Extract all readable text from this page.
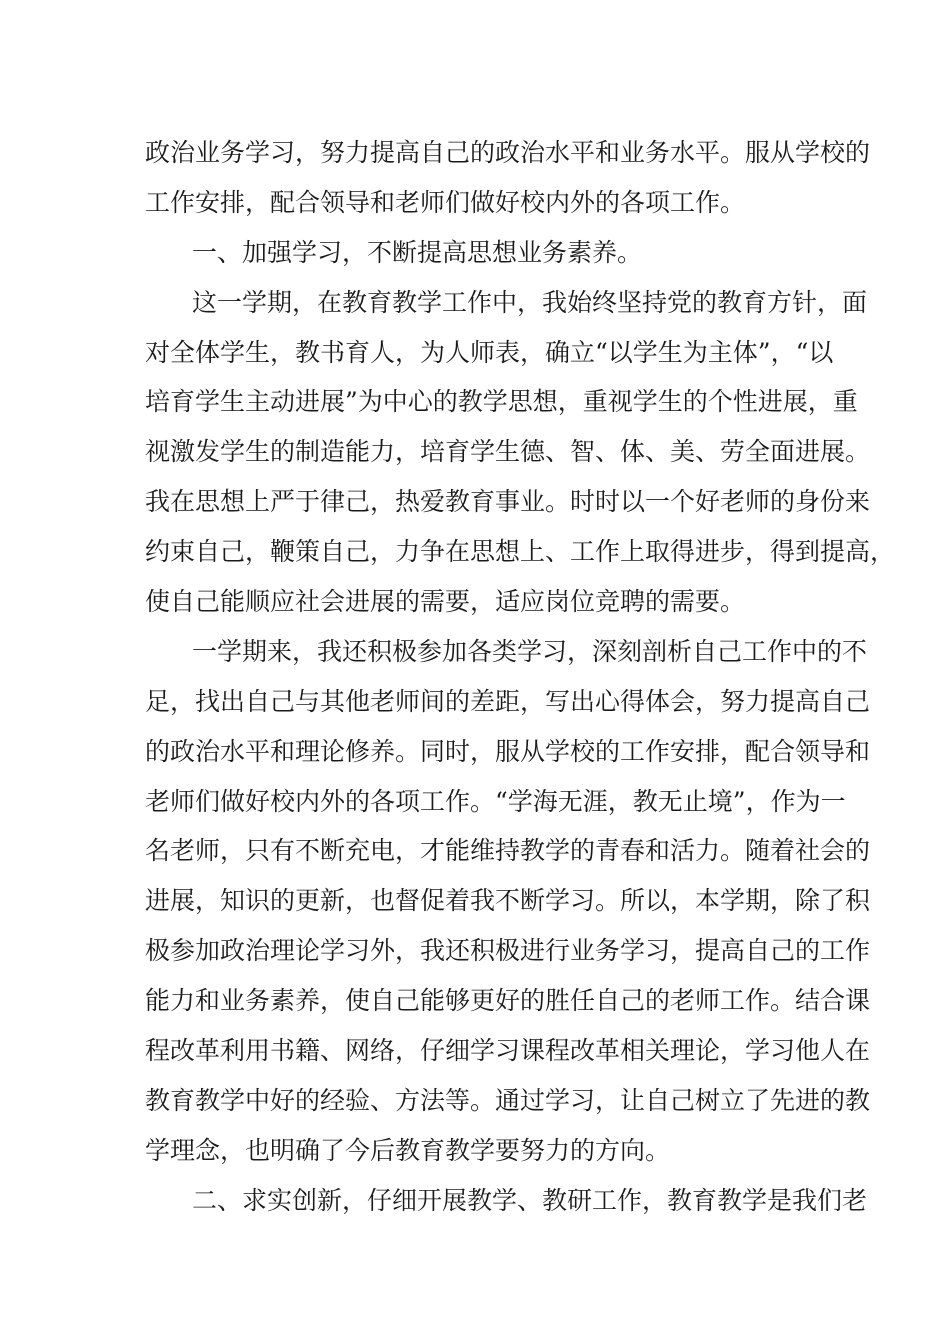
政治业务学习，努力提高自己的政治水平和业务水平。服从学校的
工作安排，配合领导和老师们做好校内外的各项工作。
一、加强学习，不断提高思想业务素养。
这一学期，在教育教学工作中，我始终坚持党的教育方针，面
对全体学生，教书育人，为人师表，确立“以学生为主体”，“以
培育学生主动进展”为中心的教学思想，重视学生的个性进展，重
视激发学生的制造能力，培育学生德、智、体、美、劳全面进展。
我在思想上严于律己，热爱教育事业。时时以一个好老师的身份来
约束自己，鞭策自己，力争在思想上、工作上取得进步，得到提高，
使自己能顺应社会进展的需要，适应岗位竞聘的需要。
一学期来，我还积极参加各类学习，深刻剖析自己工作中的不
足，找出自己与其他老师间的差距，写出心得体会，努力提高自己
的政治水平和理论修养。同时，服从学校的工作安排，配合领导和
老师们做好校内外的各项工作。“学海无涯，教无止境”，作为一
名老师，只有不断充电，才能维持教学的青春和活力。随着社会的
进展，知识的更新，也督促着我不断学习。所以，本学期，除了积
极参加政治理论学习外，我还积极进行业务学习，提高自己的工作
能力和业务素养，使自己能够更好的胜任自己的老师工作。结合课
程改革利用书籍、网络，仔细学习课程改革相关理论，学习他人在
教育教学中好的经验、方法等。通过学习，让自己树立了先进的教
学理念，也明确了今后教育教学要努力的方向。
二、求实创新，仔细开展教学、教研工作，教育教学是我们老
